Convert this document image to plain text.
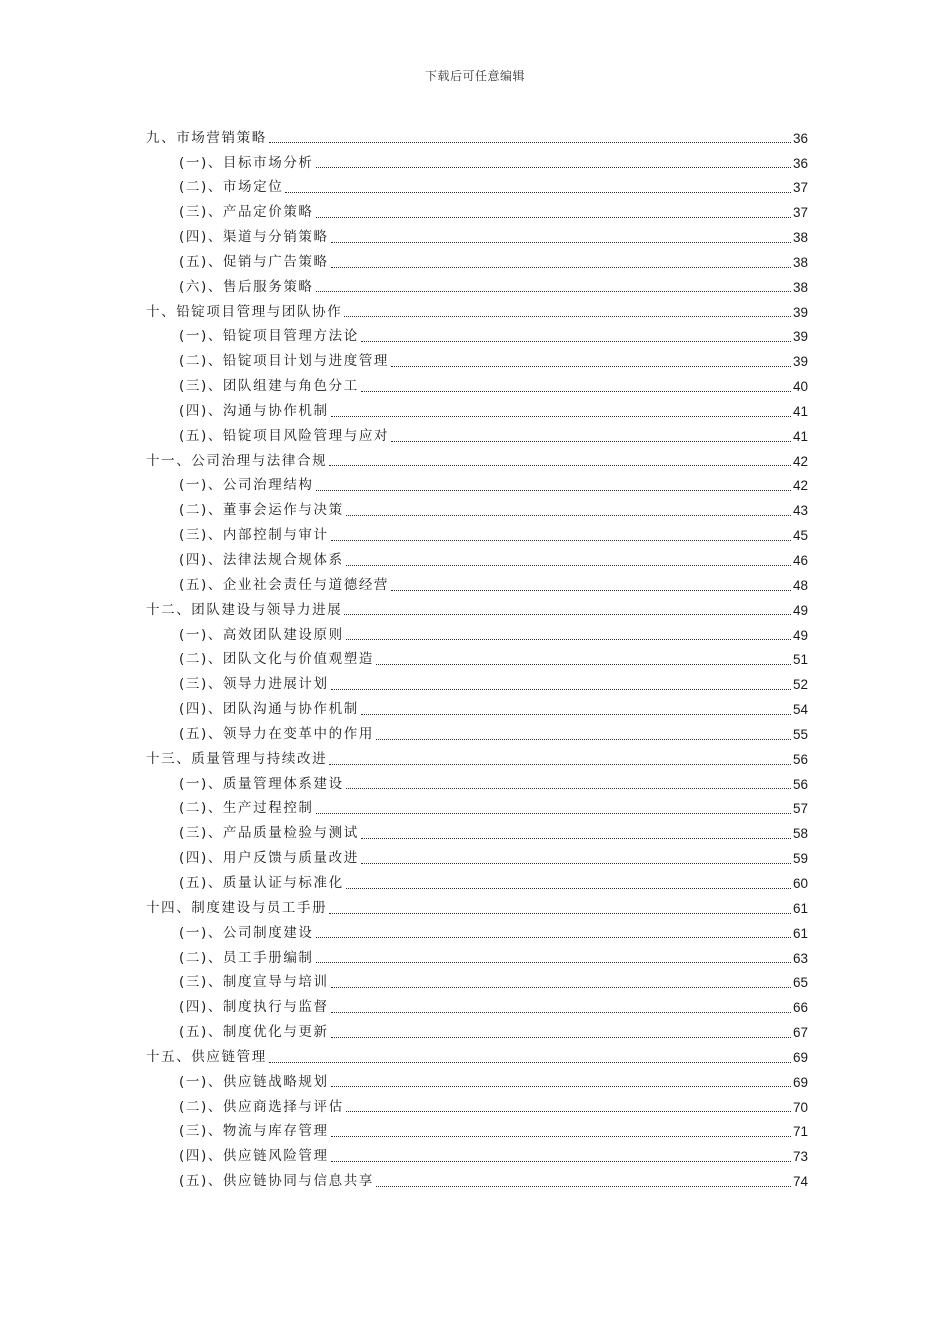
下载后可任意编辑
九、市场营销策略	36
(一)、目标市场分析	36
(二)、市场定位	37
(三)、产品定价策略	37
(四)、渠道与分销策略	38
(五)、促销与广告策略	38
(六)、售后服务策略	38
十、铅锭项目管理与团队协作	39
(一)、铅锭项目管理方法论	39
(二)、铅锭项目计划与进度管理	39
(三)、团队组建与角色分工	40
(四)、沟通与协作机制	41
(五)、铅锭项目风险管理与应对	41
十一、公司治理与法律合规	42
(一)、公司治理结构	42
(二)、董事会运作与决策	43
(三)、内部控制与审计	45
(四)、法律法规合规体系	46
(五)、企业社会责任与道德经营	48
十二、团队建设与领导力进展	49
(一)、高效团队建设原则	49
(二)、团队文化与价值观塑造	51
(三)、领导力进展计划	52
(四)、团队沟通与协作机制	54
(五)、领导力在变革中的作用	55
十三、质量管理与持续改进	56
(一)、质量管理体系建设	56
(二)、生产过程控制	57
(三)、产品质量检验与测试	58
(四)、用户反馈与质量改进	59
(五)、质量认证与标准化	60
十四、制度建设与员工手册	61
(一)、公司制度建设	61
(二)、员工手册编制	63
(三)、制度宣导与培训	65
(四)、制度执行与监督	66
(五)、制度优化与更新	67
十五、供应链管理	69
(一)、供应链战略规划	69
(二)、供应商选择与评估	70
(三)、物流与库存管理	71
(四)、供应链风险管理	73
(五)、供应链协同与信息共享	74
